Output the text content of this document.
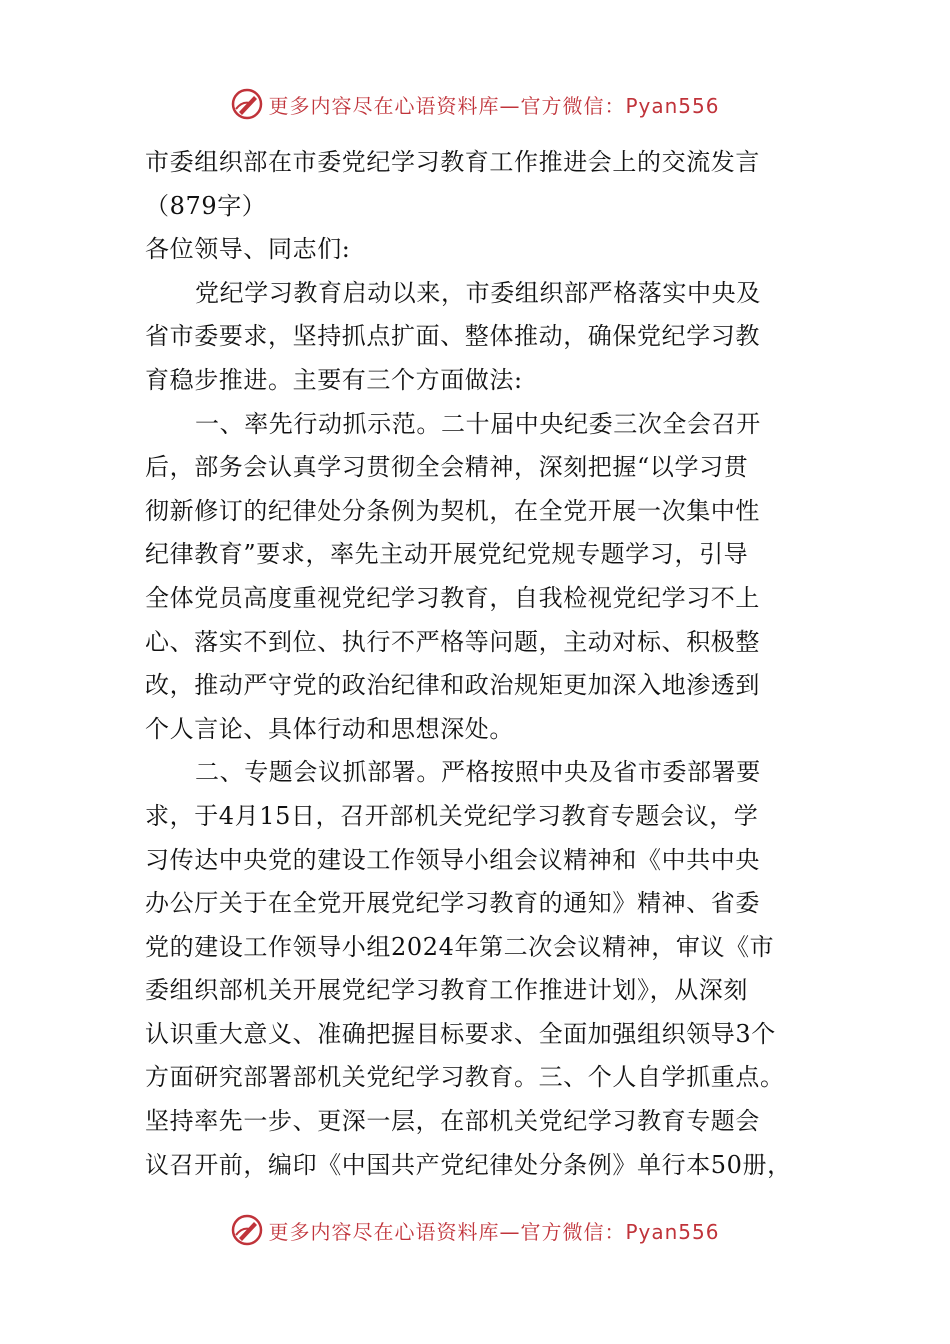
更多内容尽在心语资料库—官方微信：Pyan556
市委组织部在市委党纪学习教育工作推进会上的交流发言
（879字）
各位领导、同志们:
党纪学习教育启动以来，市委组织部严格落实中央及
省市委要求，坚持抓点扩面、整体推动，确保党纪学习教
育稳步推进。主要有三个方面做法:
一、率先行动抓示范。二十届中央纪委三次全会召开
后，部务会认真学习贯彻全会精神，深刻把握“以学习贯
彻新修订的纪律处分条例为契机，在全党开展一次集中性
纪律教育”要求，率先主动开展党纪党规专题学习，引导
全体党员高度重视党纪学习教育，自我检视党纪学习不上
心、落实不到位、执行不严格等问题，主动对标、积极整
改，推动严守党的政治纪律和政治规矩更加深入地渗透到
个人言论、具体行动和思想深处。
二、专题会议抓部署。严格按照中央及省市委部署要
求，于4月15日，召开部机关党纪学习教育专题会议，学
习传达中央党的建设工作领导小组会议精神和《中共中央
办公厅关于在全党开展党纪学习教育的通知》精神、省委
党的建设工作领导小组2024年第二次会议精神，审议《市
委组织部机关开展党纪学习教育工作推进计划》，从深刻
认识重大意义、准确把握目标要求、全面加强组织领导3个
方面研究部署部机关党纪学习教育。三、个人自学抓重点。
坚持率先一步、更深一层，在部机关党纪学习教育专题会
议召开前，编印《中国共产党纪律处分条例》单行本50册，
更多内容尽在心语资料库—官方微信：Pyan556
